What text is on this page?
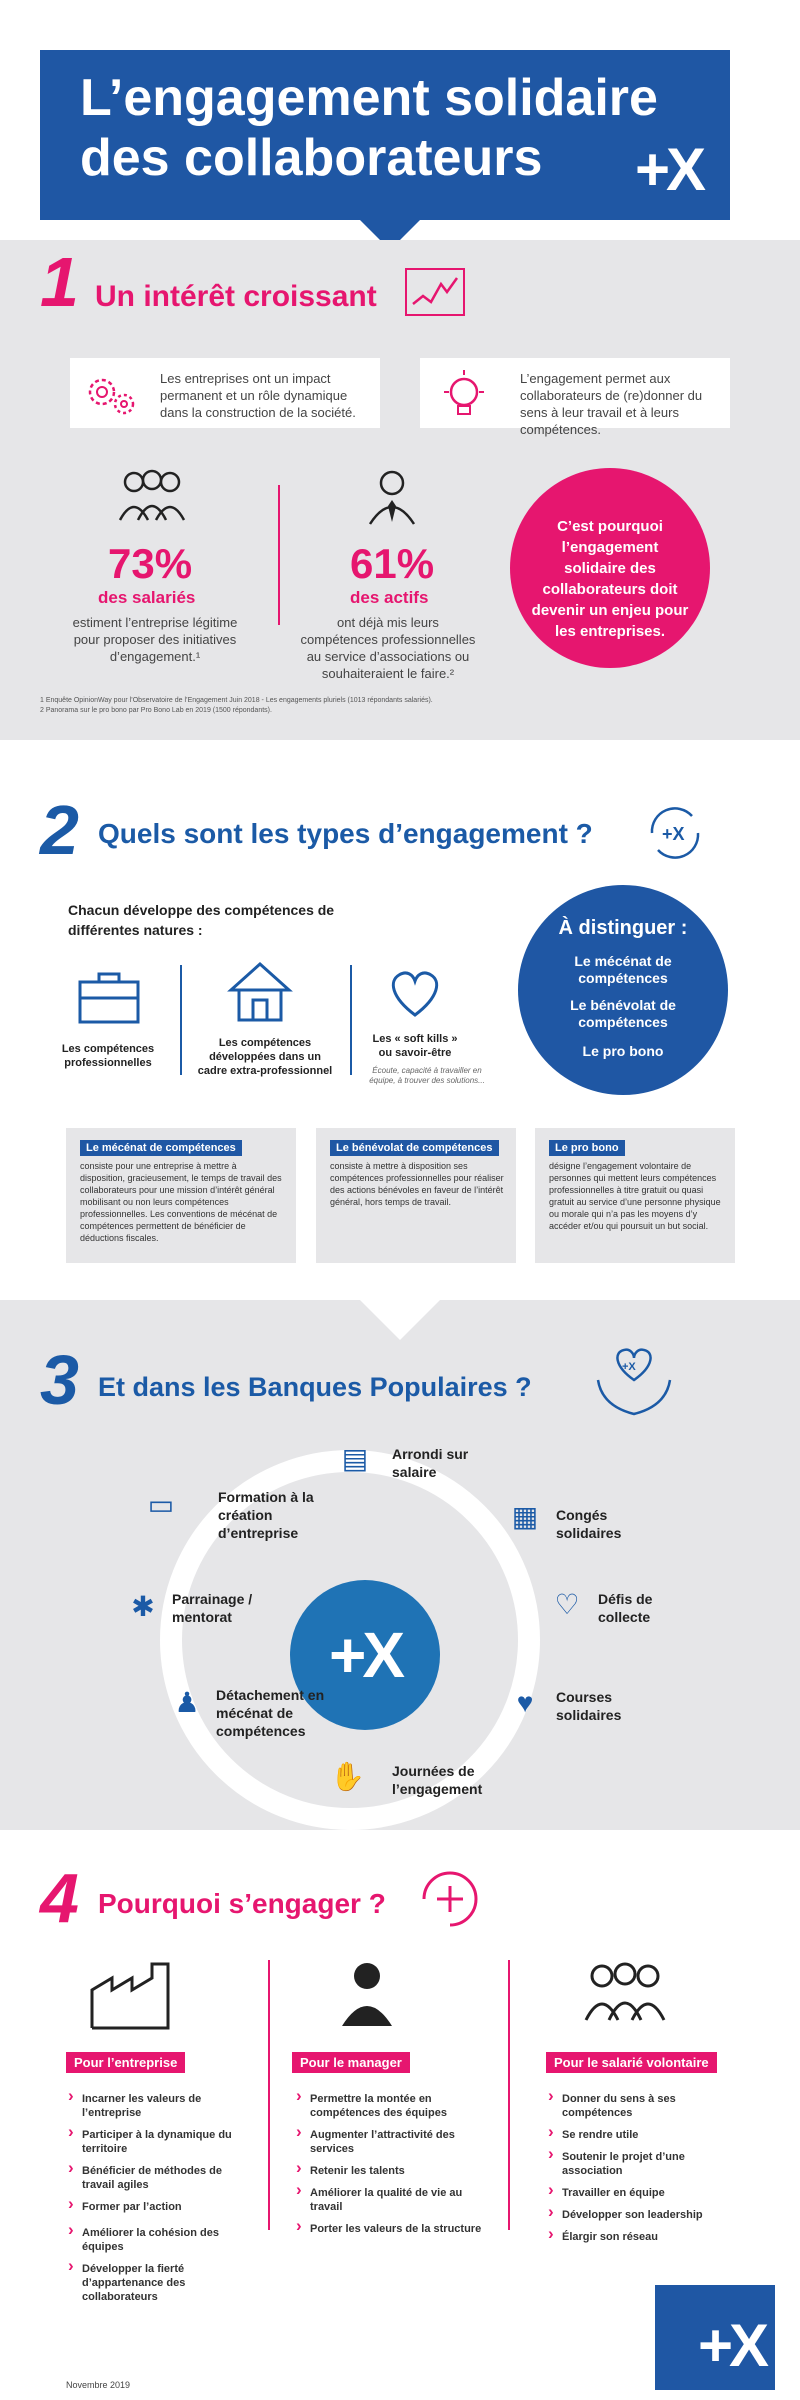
L’engagement solidaire
des collaborateurs	+X
1 Un intérêt croissant

Les entreprises ont un impact permanent et un rôle dynamique dans la construction de la société.

L’engagement permet aux collaborateurs de (re)donner du sens à leur travail et à leurs compétences.

73%
des salariés
estiment l’entreprise légitime pour proposer des initiatives d’engagement.¹
61%
des actifs
ont déjà mis leurs compétences professionnelles au service d’associations ou souhaiteraient le faire.²
C’est pourquoi l’engagement solidaire des collaborateurs doit devenir un enjeu pour les entreprises.
1 Enquête OpinionWay pour l’Observatoire de l’Engagement Juin 2018 - Les engagements pluriels (1013 répondants salariés).
2 Panorama sur le pro bono par Pro Bono Lab en 2019 (1500 répondants).
2 Quels sont les types d’engagement ?	+X
Chacun développe des compétences de différentes natures :
Les compétences professionnelles
Les compétences développées dans un cadre extra-professionnel
Les « soft kills » ou savoir-être
Écoute, capacité à travailler en équipe, à trouver des solutions...
À distinguer :
Le mécénat de compétences
Le bénévolat de compétences
Le pro bono
Le mécénat de compétences
consiste pour une entreprise à mettre à disposition, gracieusement, le temps de travail des collaborateurs pour une mission d’intérêt général mobilisant ou non leurs compétences professionnelles. Les conventions de mécénat de compétences permettent de bénéficier de déductions fiscales.
Le bénévolat de compétences
consiste à mettre à disposition ses compétences professionnelles pour réaliser des actions bénévoles en faveur de l’intérêt général, hors temps de travail.
Le pro bono
désigne l’engagement volontaire de personnes qui mettent leurs compétences professionnelles à titre gratuit ou quasi gratuit au service d’une personne physique ou morale qui n’a pas les moyens d’y accéder et/ou qui poursuit un but social.
3 Et dans les Banques Populaires ?
+X
+X
▤ Arrondi sur salaire
▦ Congés solidaires
♡	Défis de collecte
♥	Courses solidaires
✋ Journées de l’engagement
♟	Détachement en mécénat de compétences
✱	Parrainage / mentorat
▭	Formation à la création d’entreprise
4 Pourquoi s’engager ?
Pour l’entreprise
› Incarner les valeurs de l’entreprise
› Participer à la dynamique du territoire
› Bénéficier de méthodes de travail agiles
› Former par l’action
› Améliorer la cohésion des équipes
› Développer la fierté d’appartenance des collaborateurs
Pour le manager
› Permettre la montée en compétences des équipes
› Augmenter l’attractivité des services
› Retenir les talents
› Améliorer la qualité de vie au travail
› Porter les valeurs de la structure
Pour le salarié volontaire
› Donner du sens à ses compétences
› Se rendre utile
› Soutenir le projet d’une association
› Travailler en équipe
› Développer son leadership
› Élargir son réseau
+X
Novembre 2019
